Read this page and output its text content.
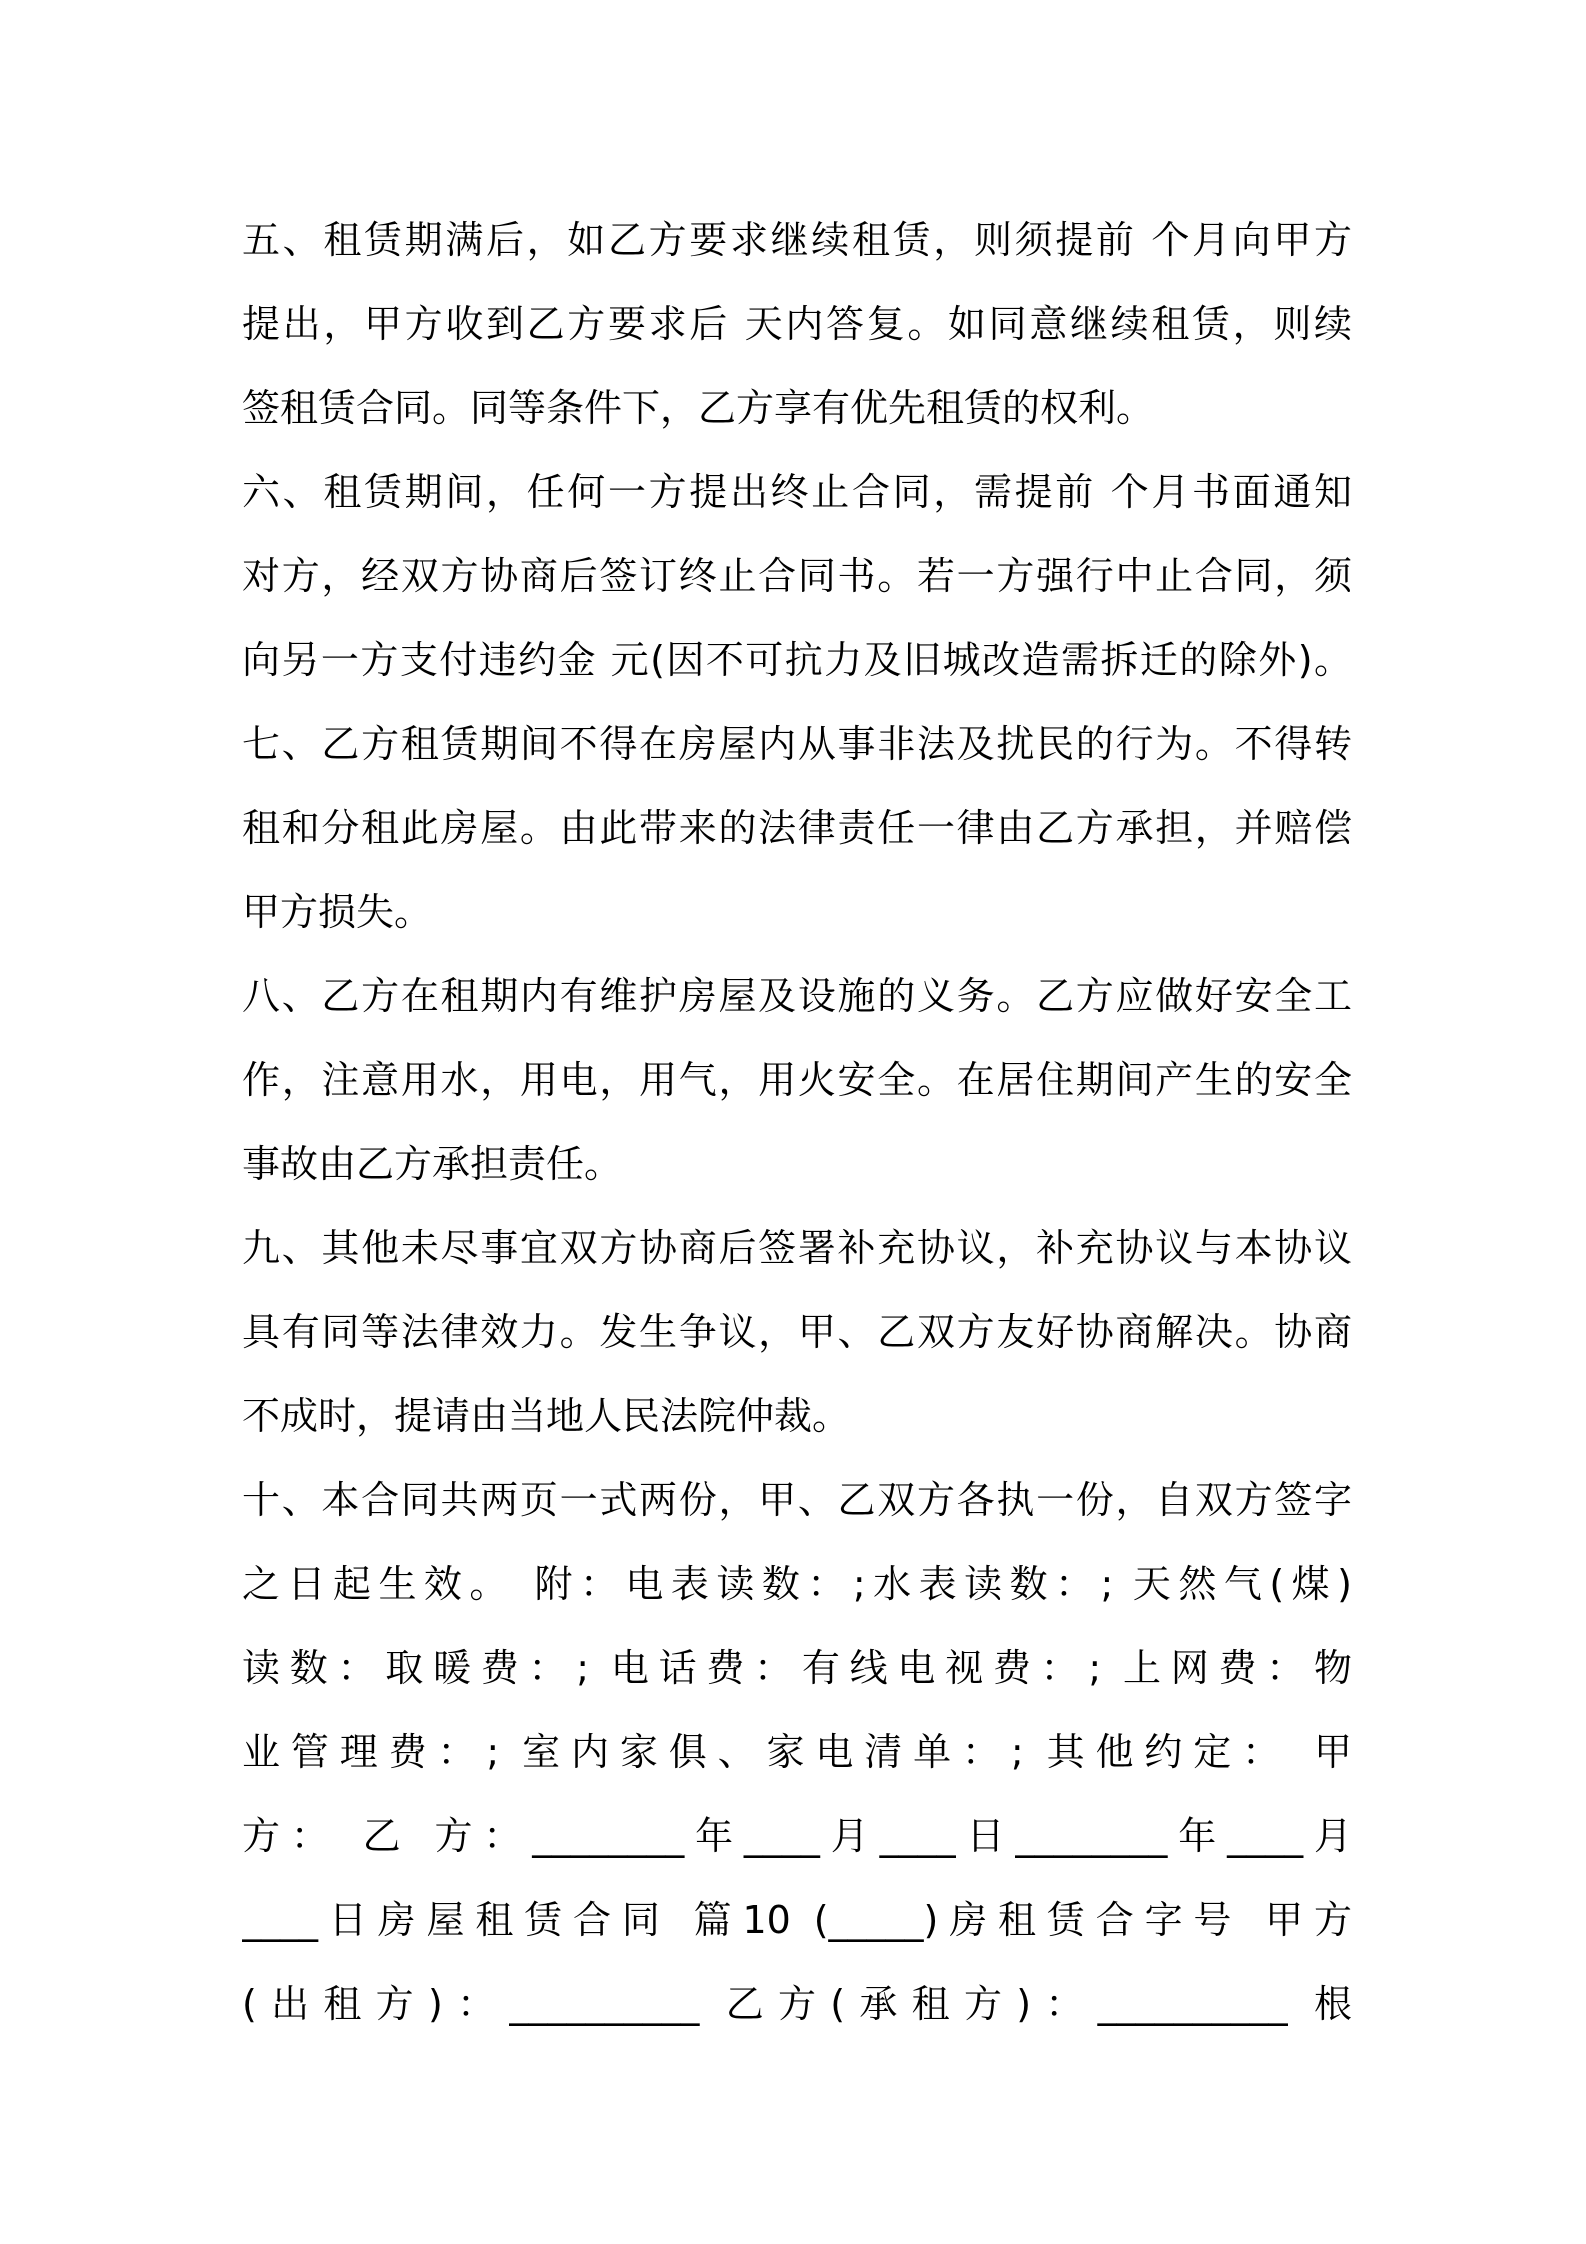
五、租赁期满后，如乙方要求继续租赁，则须提前 个月向甲方
提出，甲方收到乙方要求后 天内答复。如同意继续租赁，则续
签租赁合同。同等条件下，乙方享有优先租赁的权利。
六、租赁期间，任何一方提出终止合同，需提前 个月书面通知
对方，经双方协商后签订终止合同书。若一方强行中止合同，须
向另一方支付违约金 元(因不可抗力及旧城改造需拆迁的除外)。
七、乙方租赁期间不得在房屋内从事非法及扰民的行为。不得转
租和分租此房屋。由此带来的法律责任一律由乙方承担，并赔偿
甲方损失。
八、乙方在租期内有维护房屋及设施的义务。乙方应做好安全工
作，注意用水，用电，用气，用火安全。在居住期间产生的安全
事故由乙方承担责任。
九、其他未尽事宜双方协商后签署补充协议，补充协议与本协议
具有同等法律效力。发生争议，甲、乙双方友好协商解决。协商
不成时，提请由当地人民法院仲裁。
十、本合同共两页一式两份，甲、乙双方各执一份，自双方签字
之日起生效。 附：电表读数：;水表读数：; 天然气(煤)
读数：取暖费：; 电话费：有线电视费：; 上网费：物
业管理费：; 室内家俱、家电清单：; 其他约定： 甲
方： 乙 方：________年____月____日________年____月
____日房屋租赁合同 篇10 (_____)房租赁合字号 甲方
(出租方)：__________ 乙方(承租方)：__________ 根
